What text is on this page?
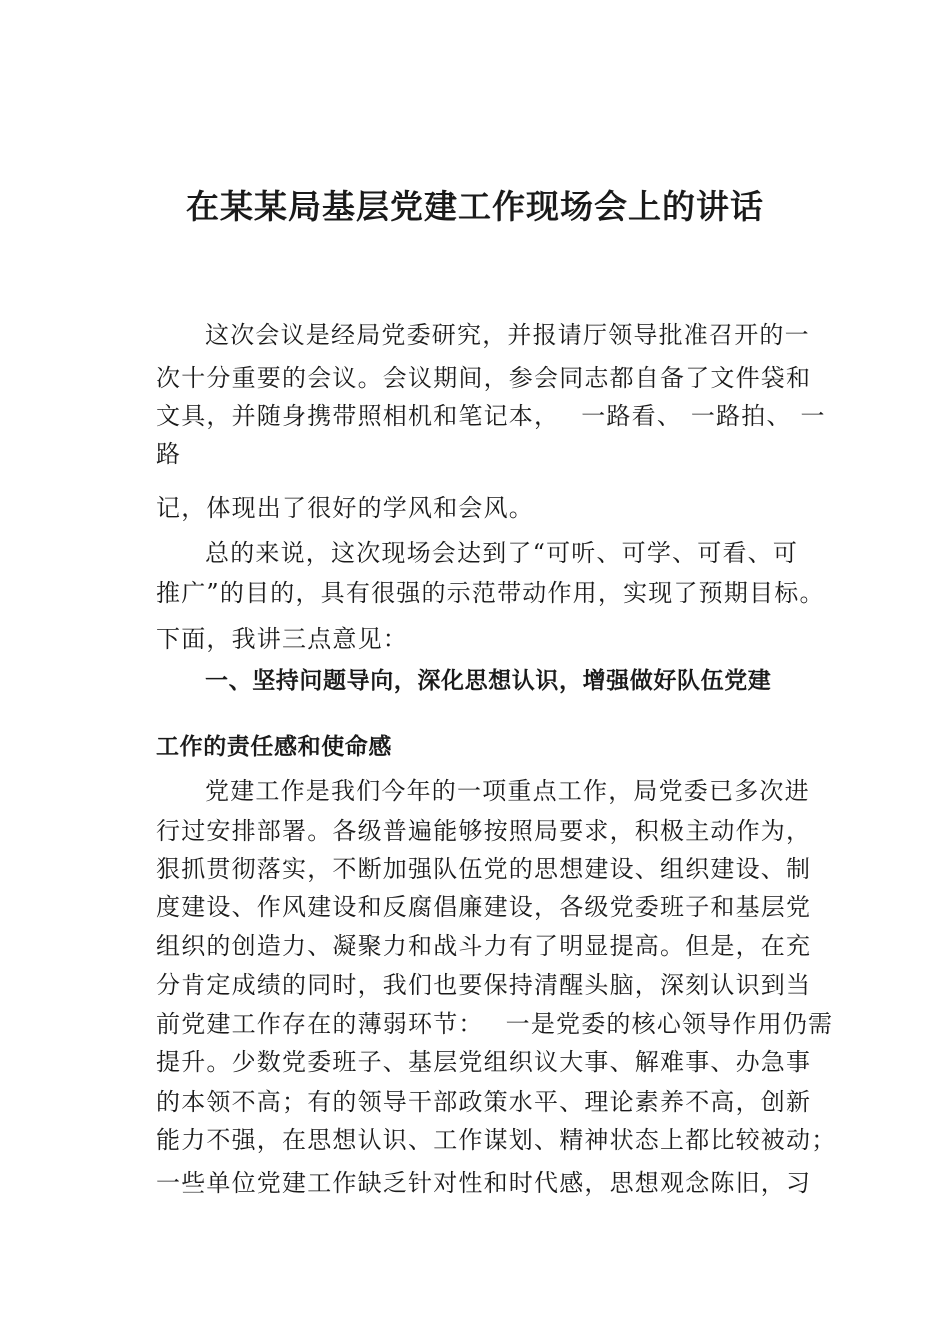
在某某局基层党建工作现场会上的讲话

这次会议是经局党委研究，并报请厅领导批准召开的一

次十分重要的会议。会议期间，参会同志都自备了文件袋和

文具，并随身携带照相机和笔记本，　 一路看、 一路拍、 一

路

记，体现出了很好的学风和会风。

总的来说，这次现场会达到了“可听、可学、可看、可

推广”的目的，具有很强的示范带动作用，实现了预期目标。

下面，我讲三点意见：

一、坚持问题导向，深化思想认识，增强做好队伍党建

工作的责任感和使命感

党建工作是我们今年的一项重点工作，局党委已多次进

行过安排部署。各级普遍能够按照局要求，积极主动作为，

狠抓贯彻落实，不断加强队伍党的思想建设、组织建设、制

度建设、作风建设和反腐倡廉建设，各级党委班子和基层党

组织的创造力、凝聚力和战斗力有了明显提高。但是，在充

分肯定成绩的同时，我们也要保持清醒头脑，深刻认识到当

前党建工作存在的薄弱环节：　 一是党委的核心领导作用仍需

提升。少数党委班子、基层党组织议大事、解难事、办急事

的本领不高；有的领导干部政策水平、理论素养不高，创新

能力不强，在思想认识、工作谋划、精神状态上都比较被动；

一些单位党建工作缺乏针对性和时代感，思想观念陈旧，习
